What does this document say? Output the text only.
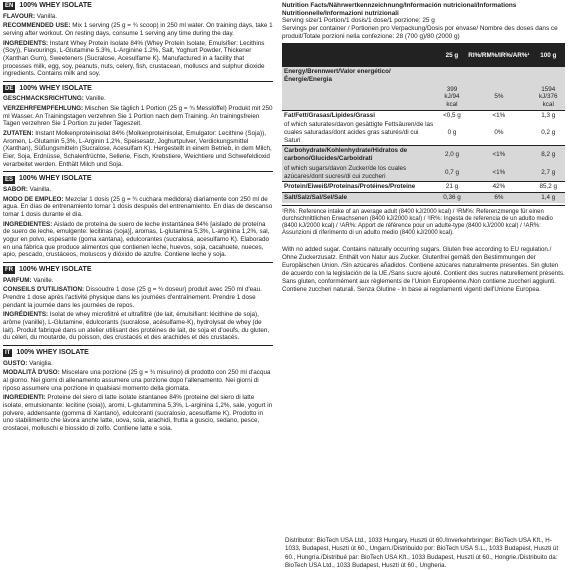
EN 100% WHEY ISOLATE
FLAVOUR: Vanilla.
RECOMMENDED USE: Mix 1 serving (25 g = ¾ scoop) in 250 ml water. On training days, take 1 serving after workout. On resting days, consume 1 serving any time during the day.
INGREDIENTS: Instant Whey Protein Isolate 84% (Whey Protein Isolate, Emulsifier: Lecithins (Soy)), Flavourings, L-Glutamine 5.3%, L-Arginine 1.2%, Salt, Yoghurt Powder, Thickener (Xanthan Gum), Sweeteners (Sucralose, Acesulfame K). Manufactured in a facility that processes milk, egg, soy, peanuts, nuts, celery, fish, crustacean, molluscs and sulphur dioxide ingredients. Contains milk and soy.
DE 100% WHEY ISOLATE
GESCHMACKSRICHTUNG: Vanille.
VERZEHRFEMPFEHLUNG: Mischen Sie täglich 1 Portion (25 g = ¾ Messlöffel) Produkt mit 250 ml Wasser. An Trainingstagen verzehren Sie 1 Portion nach dem Training. An trainingsfreien Tagen verzehren Sie 1 Portion zu jeder Tageszeit.
ZUTATEN: Instant Molkenproteinisolat 84% (Molkenproteinisolat, Emulgator: Lecithine (Soja)), Aromen, L-Glutamin 5,3%, L-Arginin 1,2%, Speisesalz, Joghurtpulver, Verdickungsmittel (Xanthan), Süßungsmitteln (Sucralose, Acesulfam K). Hergestellt in einem Betrieb, in dem Milch, Eier, Soja, Erdnüsse, Schalenfrüchte, Sellerie, Fisch, Krebstiere, Weichtiere und Schwefeldioxid verarbeitet werden. Enthält Milch und Soja.
ES 100% WHEY ISOLATE
SABOR: Vainilla.
MODO DE EMPLEO: Mezclar 1 dosis (25 g = ¾ cuchara medidora) diariamente con 250 ml de agua. En días de entrenamiento tomar 1 dosis después del entrenamiento. En días de descanso tomar 1 dosis durante el día.
INGREDIENTES: Aislado de proteína de suero de leche instantánea 84% [aislado de proteína de suero de leche, emulgente: lecitinas (soja)], aromas, L-glutamina 5,3%, L-arginina 1,2%, sal, yogur en polvo, espesante (goma xantana), edulcorantes (sucralosa, acesulfamo K). Elaborado en una fábrica que produce alimentos que contienen leche, huevos, soja, cacahuete, nueces, apio, pescado, crustáceos, moluscos y dióxido de azufre. Contiene leche y soja.
FR 100% WHEY ISOLATE
PARFUM: Vanille.
CONSEILS D'UTILISATION: Dissoudre 1 dose (25 g = ¾ doseur) produit avec 250 ml d'eau. Prendre 1 dose après l'activité physique dans les journées d'entraînement. Prendre 1 dose pendant la journée dans les journées de repos.
INGRÉDIENTS: Isolat de whey microfiltré et ultrafiltré (de lait, émulsifiant: lécithine de soja), arôme (vanille), L-Glutamine, édulcorants (sucralose, acésulfame-K), hydrolysat de whey (de lait). Produit fabriqué dans un atelier utilisant des protéines de lait, de soja et d'oeufs, du gluten, du céleri, du moutarde, du poisson, des crustacés et des arachides et des crustacés.
IT 100% WHEY ISOLATE
GUSTO: Vaniglia.
MODALITÀ D'USO: Miscelare una porzione (25 g = ¾ misurino) di prodotto con 250 ml d'acqua al giorno. Nei giorni di allenamento assumere una porzione dopo l'allenamento. Nei giorni di riposo assumere una porzione in qualsiasi momento della giornata.
INGREDIENTI: Proteine del siero di latte isolate istantanee 84% (proteine del siero di latte isolate, emulsionante: lecitine (soia)), aromi, L-glutammina 5,3%, L-arginina 1,2%, sale, yogurt in polvere, addensante (gomma di Xantano), edulcoranti (sucralosio, acesulfame K). Prodotto in uno stabilimento che lavora anche latte, uova, soia, arachidi, frutta a guscio, sedano, pesce, crostacei, molluschi e biossido di zolfo. Contiene latte e soia.
Nutrition Facts/Nährwertkennzeichnung/Información nutricional/Informations Nutritionnelle/Informazioni nutrizionali
Serving size/1 Portion/1 dosis/1 dose/1 porzione: 25 g
Servings per container / Portionen pro Verpackung/Dosis por envase/ Nombre des doses dans ce produit/Totale porzioni nella confezione: 28 (700 g)/80 (2000 g)
	25 g	RI%/RM%/IR%/AR%¹	100 g
Energy/Brennwert/Valor energético/Énergie/Energia			
	399 kJ/94 kcal	5%	1594 kJ/376 kcal
Fat/Fett/Grasas/Lipides/Grassi	<0,5 g	<1%	1,3 g
of which saturates/davon gesättigte Fettsäuren/de las cuales saturadas/dont acides gras saturés/di cui Saturi	0 g	0%	0,2 g
Carbohydrate/Kohlenhydrate/Hidratos de carbono/Glucides/Carboidrati	2,0 g	<1%	8,2 g
of which sugars/davon Zucker/de los cuales azúcares/dont sucres/di cui zuccheri	0,7 g	<1%	2,7 g
Protein/Eiweiß/Proteínas/Protéines/Proteine	21 g	42%	85,2 g
Salt/Salz/Sal/Sel/Sale	0,36 g	6%	1,4 g
¹RI%: Reference intake of an average adult (8400 kJ/2000 kcal) / ¹RM%: Referenzmenge für einen durchschnittlichen Erwachsenen (8400 kJ/2000 kcal) / ¹IR%: Ingesta de referencia de un adulto medio (8400 kJ/2000 kcal) / ¹AR%: Apport de référence pour un adulte-type (8400 kJ/2000 kcal) / ¹AR%: Assunzioni di riferimento di un adulto medio (8400 kJ/2000 kcal).
With no added sugar. Contains naturally occurring sugars. Gluten free according to EU regulation./ Ohne Zuckerzusatz. Enthält von Natur aus Zucker. Glutenfrei gemäß den Bestimmungen der Europäischen Union. /Sin azúcares añadidos. Contiene azúcares naturalmente presentes. Sin gluten de acuerdo con la legislación de la UE./Sans sucre ajouté. Contient des sucres naturellement présents. Sans gluten, conformément aux règlements de l'Union Européenne./Non contiene zuccheri aggiunti. Contiene zuccheri naturali. Senza Glutine - In base ai regolamenti vigenti dell'Unione Europea.
Distributor: BioTech USA Ltd., 1033 Hungary, Huszti út 60./Inverkehrbringer: BioTech USA Kft., H-1033, Budapest, Huszti út 60., Ungarn./Distribuido por: BioTech USA S.L., 1033 Budapest, Huszti út 60., Hungría./Distribué par: BioTech USA Kft., 1033 Budapest, Huszti út 60., Hongrie./Distribuito da: BioTech USA Ltd., 1033 Budapest, Huszti út 60., Ungheria.
